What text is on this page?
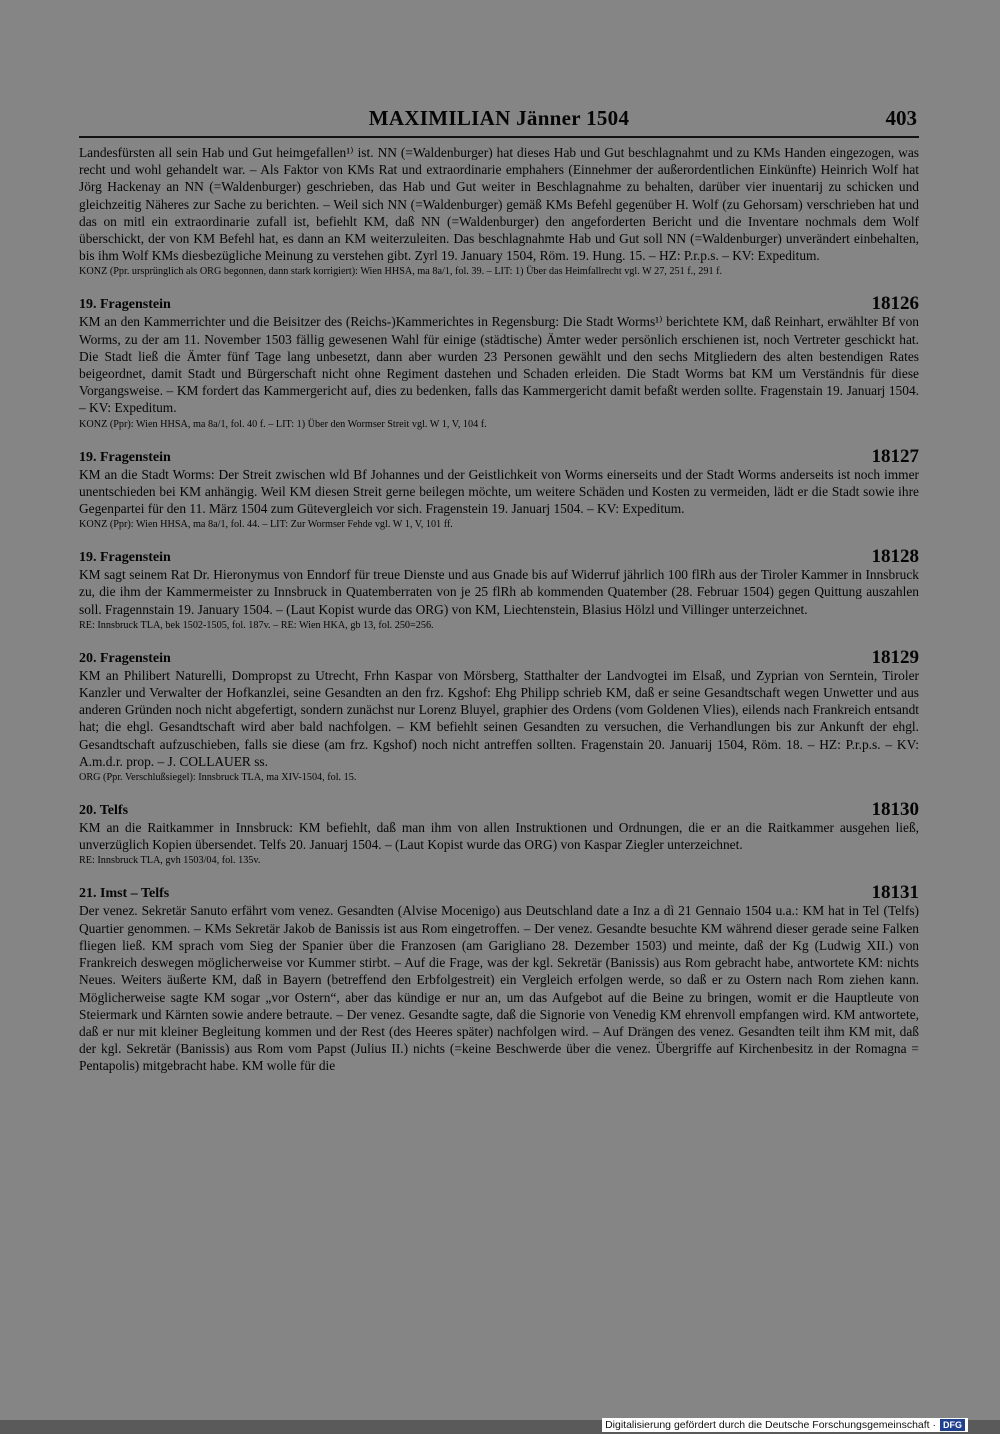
MAXIMILIAN Jänner 1504	403

Landesfürsten all sein Hab und Gut heimgefallen¹⁾ ist. NN (=Waldenburger) hat dieses Hab und Gut beschlagnahmt und zu KMs Handen eingezogen, was recht und wohl gehandelt war. – Als Faktor von KMs Rat und extraordinarie emphahers (Einnehmer der außerordentlichen Einkünfte) Heinrich Wolf hat Jörg Hackenay an NN (=Waldenburger) geschrieben, das Hab und Gut weiter in Beschlagnahme zu behalten, darüber vier inuentarij zu schicken und gleichzeitig Näheres zur Sache zu berichten. – Weil sich NN (=Waldenburger) gemäß KMs Befehl gegenüber H. Wolf (zu Gehorsam) verschrieben hat und das on mitl ein extraordinarie zufall ist, befiehlt KM, daß NN (=Waldenburger) den angeforderten Bericht und die Inventare nochmals dem Wolf überschickt, der von KM Befehl hat, es dann an KM weiterzuleiten. Das beschlagnahmte Hab und Gut soll NN (=Waldenburger) unverändert einbehalten, bis ihm Wolf KMs diesbezügliche Meinung zu verstehen gibt. Zyrl 19. January 1504, Röm. 19. Hung. 15. – HZ: P.r.p.s. – KV: Expeditum.

KONZ (Ppr. ursprünglich als ORG begonnen, dann stark korrigiert): Wien HHSA, ma 8a/1, fol. 39. – LIT: 1) Über das Heimfallrecht vgl. W 27, 251 f., 291 f.

19. Fragenstein	18126

KM an den Kammerrichter und die Beisitzer des (Reichs-)Kammerichtes in Regensburg: Die Stadt Worms¹⁾ berichtete KM, daß Reinhart, erwählter Bf von Worms, zu der am 11. November 1503 fällig gewesenen Wahl für einige (städtische) Ämter weder persönlich erschienen ist, noch Vertreter geschickt hat. Die Stadt ließ die Ämter fünf Tage lang unbesetzt, dann aber wurden 23 Personen gewählt und den sechs Mitgliedern des alten bestendigen Rates beigeordnet, damit Stadt und Bürgerschaft nicht ohne Regiment dastehen und Schaden erleiden. Die Stadt Worms bat KM um Verständnis für diese Vorgangsweise. – KM fordert das Kammergericht auf, dies zu bedenken, falls das Kammergericht damit befaßt werden sollte. Fragenstain 19. Januarj 1504. – KV: Expeditum.

KONZ (Ppr): Wien HHSA, ma 8a/1, fol. 40 f. – LIT: 1) Über den Wormser Streit vgl. W 1, V, 104 f.

19. Fragenstein	18127

KM an die Stadt Worms: Der Streit zwischen wld Bf Johannes und der Geistlichkeit von Worms einerseits und der Stadt Worms anderseits ist noch immer unentschieden bei KM anhängig. Weil KM diesen Streit gerne beilegen möchte, um weitere Schäden und Kosten zu vermeiden, lädt er die Stadt sowie ihre Gegenpartei für den 11. März 1504 zum Gütevergleich vor sich. Fragenstein 19. Januarj 1504. – KV: Expeditum.

KONZ (Ppr): Wien HHSA, ma 8a/1, fol. 44. – LIT: Zur Wormser Fehde vgl. W 1, V, 101 ff.

19. Fragenstein	18128

KM sagt seinem Rat Dr. Hieronymus von Enndorf für treue Dienste und aus Gnade bis auf Widerruf jährlich 100 flRh aus der Tiroler Kammer in Innsbruck zu, die ihm der Kammermeister zu Innsbruck in Quatemberraten von je 25 flRh ab kommenden Quatember (28. Februar 1504) gegen Quittung auszahlen soll. Fragennstain 19. January 1504. – (Laut Kopist wurde das ORG) von KM, Liechtenstein, Blasius Hölzl und Villinger unterzeichnet.

RE: Innsbruck TLA, bek 1502-1505, fol. 187v. – RE: Wien HKA, gb 13, fol. 250=256.

20. Fragenstein	18129

KM an Philibert Naturelli, Dompropst zu Utrecht, Frhn Kaspar von Mörsberg, Statthalter der Landvogtei im Elsaß, und Zyprian von Serntein, Tiroler Kanzler und Verwalter der Hofkanzlei, seine Gesandten an den frz. Kgshof: Ehg Philipp schrieb KM, daß er seine Gesandtschaft wegen Unwetter und aus anderen Gründen noch nicht abgefertigt, sondern zunächst nur Lorenz Bluyel, graphier des Ordens (vom Goldenen Vlies), eilends nach Frankreich entsandt hat; die ehgl. Gesandtschaft wird aber bald nachfolgen. – KM befiehlt seinen Gesandten zu versuchen, die Verhandlungen bis zur Ankunft der ehgl. Gesandtschaft aufzuschieben, falls sie diese (am frz. Kgshof) noch nicht antreffen sollten. Fragenstain 20. Januarij 1504, Röm. 18. – HZ: P.r.p.s. – KV: A.m.d.r. prop. – J. COLLAUER ss.

ORG (Ppr. Verschlußsiegel): Innsbruck TLA, ma XIV-1504, fol. 15.

20. Telfs	18130

KM an die Raitkammer in Innsbruck: KM befiehlt, daß man ihm von allen Instruktionen und Ordnungen, die er an die Raitkammer ausgehen ließ, unverzüglich Kopien übersendet. Telfs 20. Januarj 1504. – (Laut Kopist wurde das ORG) von Kaspar Ziegler unterzeichnet.

RE: Innsbruck TLA, gvh 1503/04, fol. 135v.

21. Imst – Telfs	18131

Der venez. Sekretär Sanuto erfährt vom venez. Gesandten (Alvise Mocenigo) aus Deutschland date a Inz a dì 21 Gennaio 1504 u.a.: KM hat in Tel (Telfs) Quartier genommen. – KMs Sekretär Jakob de Banissis ist aus Rom eingetroffen. – Der venez. Gesandte besuchte KM während dieser gerade seine Falken fliegen ließ. KM sprach vom Sieg der Spanier über die Franzosen (am Garigliano 28. Dezember 1503) und meinte, daß der Kg (Ludwig XII.) von Frankreich deswegen möglicherweise vor Kummer stirbt. – Auf die Frage, was der kgl. Sekretär (Banissis) aus Rom gebracht habe, antwortete KM: nichts Neues. Weiters äußerte KM, daß in Bayern (betreffend den Erbfolgestreit) ein Vergleich erfolgen werde, so daß er zu Ostern nach Rom ziehen kann. Möglicherweise sagte KM sogar „vor Ostern“, aber das kündige er nur an, um das Aufgebot auf die Beine zu bringen, womit er die Hauptleute von Steiermark und Kärnten sowie andere betraute. – Der venez. Gesandte sagte, daß die Signorie von Venedig KM ehrenvoll empfangen wird. KM antwortete, daß er nur mit kleiner Begleitung kommen und der Rest (des Heeres später) nachfolgen wird. – Auf Drängen des venez. Gesandten teilt ihm KM mit, daß der kgl. Sekretär (Banissis) aus Rom vom Papst (Julius II.) nichts (=keine Beschwerde über die venez. Übergriffe auf Kirchenbesitz in der Romagna = Pentapolis) mitgebracht habe. KM wolle für die

Digitalisierung gefördert durch die Deutsche Forschungsgemeinschaft · DFG
